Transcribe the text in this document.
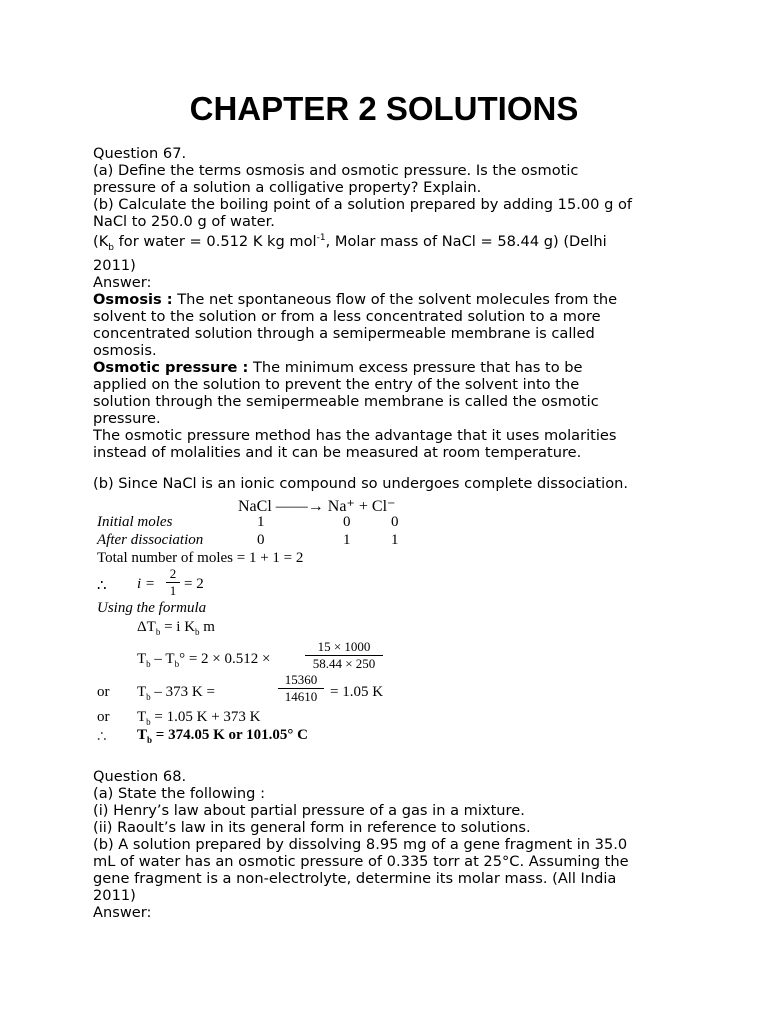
CHAPTER 2 SOLUTIONS
Question 67.
(a) Define the terms osmosis and osmotic pressure. Is the osmotic
pressure of a solution a colligative property? Explain.
(b) Calculate the boiling point of a solution prepared by adding 15.00 g of
NaCl to 250.0 g of water.
($K_b$ for water = 0.512 K kg mol$^{-1}$, Molar mass of NaCl = 58.44 g) (Delhi
2011)
Answer:
Osmosis : The net spontaneous flow of the solvent molecules from the
solvent to the solution or from a less concentrated solution to a more
concentrated solution through a semipermeable membrane is called
osmosis.
Osmotic pressure : The minimum excess pressure that has to be
applied on the solution to prevent the entry of the solvent into the
solution through the semipermeable membrane is called the osmotic
pressure.
The osmotic pressure method has the advantage that it uses molarities
instead of molalities and it can be measured at room temperature.
(b) Since NaCl is an ionic compound so undergoes complete dissociation.
NaCl ——→ Na⁺ + Cl⁻
Initial moles	1	0	0
After dissociation	0	1	1
Total number of moles = 1 + 1 = 2
∴ i =
2
1 = 2
Using the formula
$\Delta T_b = i$ $K_b$ m
$T_b - T_b^\circ = 2 \times 0.512$ ×
15 × 1000
58.44 × 250
or $T_b - 373$ K =
15360
14610 = 1.05 K
or $T_b = 1.05$ K + 373 K
∴ $T_b = 374.05$ K or 101.05° C
Question 68.
(a) State the following :
(i) Henry’s law about partial pressure of a gas in a mixture.
(ii) Raoult’s law in its general form in reference to solutions.
(b) A solution prepared by dissolving 8.95 mg of a gene fragment in 35.0
mL of water has an osmotic pressure of 0.335 torr at 25°C. Assuming the
gene fragment is a non-electrolyte, determine its molar mass. (All India
2011)
Answer:
